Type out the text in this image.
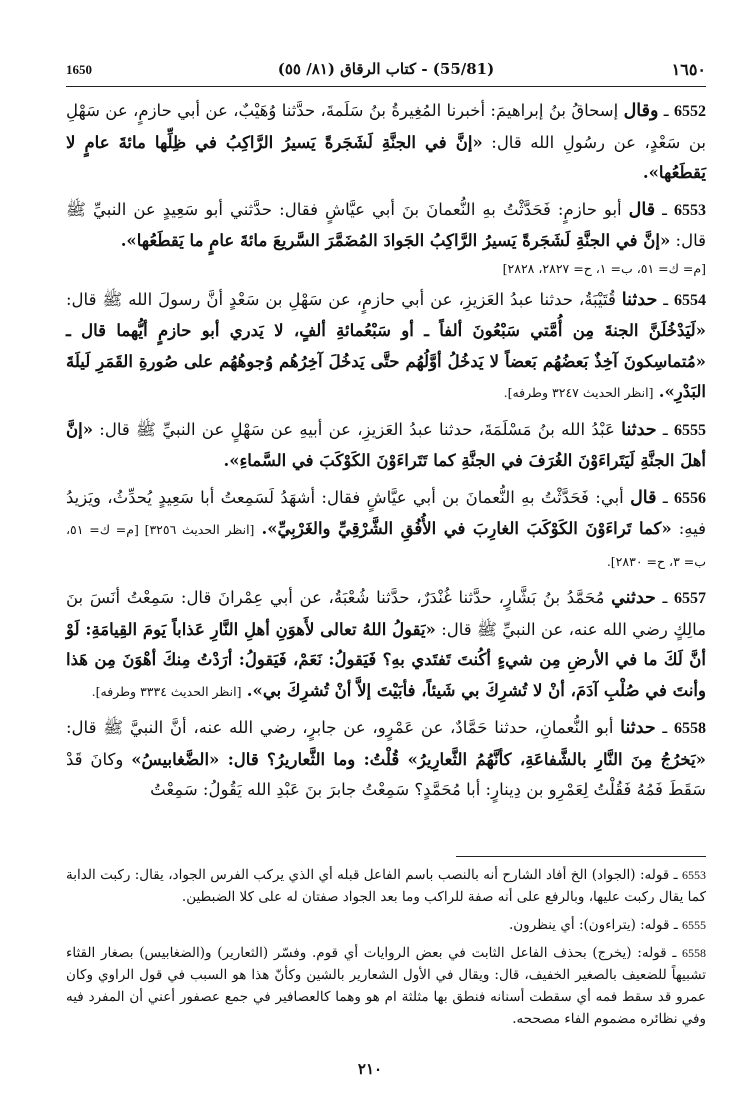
1650	(55/81) - كتاب الرقاق (٨١/ ٥٥)	١٦٥٠

6552 ـ وقال إسحاقُ بنُ إبراهيمَ: أخبرنا المُغِيرةُ بنُ سَلَمةَ، حدَّثنا وُهَيْبٌ، عن أبي حازمٍ، عن سَهْلِ بن سَعْدٍ، عن رسُولِ الله قال: «إنَّ في الجنَّةِ لَشَجَرةً يَسيرُ الرَّاكِبُ في ظِلِّها مائةَ عامٍ لا يَقطَعُها».

6553 ـ قال أبو حازمٍ: فَحَدَّثْتُ بهِ النُّعمانَ بنَ أبي عيَّاشٍ فقال: حدَّثني أبو سَعِيدٍ عن النبيِّ ﷺ قال: «إنَّ في الجنَّةِ لَشَجَرةً يَسيرُ الرَّاكِبُ الجَوادَ المُضَمَّرَ السَّريعَ مائةَ عامٍ ما يَقطَعُها».

[م= ك= ٥١، ب= ١، ح= ٢٨٢٧، ٢٨٢٨]

6554 ـ حدثنا قُتَيْبَةُ، حدثنا عبدُ العَزيزِ، عن أبي حازمٍ، عن سَهْلِ بن سَعْدٍ أنَّ رسولَ الله ﷺ قال: «لَيَدْخُلَنَّ الجنةَ مِن أُمَّتي سَبْعُونَ ألفاً ـ أو سَبْعُمائةِ ألفٍ، لا يَدري أبو حازمٍ أيُّهما قال ـ «مُتماسِكونَ آخِذٌ بَعضُهُم بَعضاً لا يَدخُلُ أوَّلُهُم حتَّى يَدخُلَ آخِرُهُم وُجوهُهُم على صُورةِ القَمَرِ لَيلَةَ البَدْرِ». [انظر الحديث ٣٢٤٧ وطرفه].

6555 ـ حدثنا عَبْدُ الله بنُ مَسْلَمَةَ، حدثنا عبدُ العَزيزِ، عن أبيهِ عن سَهْلٍ عن النبيِّ ﷺ قال: «إنَّ أهلَ الجنَّةِ لَيَتَراءَوْنَ الغُرَفَ في الجنَّةِ كما تَتَراءَوْنَ الكَوْكَبَ في السَّماءِ».

6556 ـ قال أبي: فَحَدَّثْتُ بهِ النُّعمانَ بن أبي عيَّاشٍ فقال: أشهَدُ لَسَمِعتُ أبا سَعِيدٍ يُحدِّثُ، ويَزيدُ فيهِ: «كما تَراءَوْنَ الكَوْكَبَ الغارِبَ في الأُفُقِ الشَّرْقِيِّ والغَرْبِيِّ». [انظر الحديث ٣٢٥٦] [م= ك= ٥١، ب= ٣، ح= ٢٨٣٠].

6557 ـ حدثني مُحَمَّدُ بنُ بَشَّارٍ، حدَّثنا غُنْدَرٌ، حدَّثنا شُعْبَةُ، عن أبي عِمْرانَ قال: سَمِعْتُ أنَسَ بنَ مالِكٍ رضي الله عنه، عن النبيِّ ﷺ قال: «يَقولُ اللهُ تعالى لأَهوَنِ أهلِ النَّارِ عَذاباً يَومَ القِيامَةِ: لَوْ أنَّ لَكَ ما في الأرضِ مِن شيءٍ أكُنتَ تَفتَدي بهِ؟ فَيَقولُ: نَعَمْ، فَيَقولُ: أرَدْتُ مِنكَ أهْوَنَ مِن هَذا وأنتَ في صُلْبِ آدَمَ، أنْ لا تُشرِكَ بي شَيئاً، فأبَيْتَ إلاَّ أنْ تُشرِكَ بي». [انظر الحديث ٣٣٣٤ وطرفه].

6558 ـ حدثنا أبو النُّعمانِ، حدثنا حَمَّادٌ، عن عَمْرٍو، عن جابرٍ، رضي الله عنه، أنَّ النبيَّ ﷺ قال: «يَخرُجُ مِنَ النَّارِ بالشَّفاعَةِ، كأنَّهُمُ الثَّعارِيرُ» قُلْتُ: وما الثَّعاريرُ؟ قال: «الضَّغابيسُ» وكانَ قَدْ سَقَطَ فَمُهُ فَقُلْتُ لِعَمْرِو بن دِينارٍ: أبا مُحَمَّدٍ؟ سَمِعْتُ جابرَ بنَ عَبْدِ الله يَقُولُ: سَمِعْتُ

6553 ـ قوله: (الجواد) الخ أفاد الشارح أنه بالنصب باسم الفاعل قبله أي الذي يركب الفرس الجواد، يقال: ركبت الدابة كما يقال ركبت عليها، وبالرفع على أنه صفة للراكب وما بعد الجواد صفتان له على كلا الضبطين.

6555 ـ قوله: (يتراءون): أي ينظرون.

6558 ـ قوله: (يخرج) بحذف الفاعل الثابت في بعض الروايات أي قوم. وفسّر (الثعارير) و(الضغابيس) بصغار القثاء تشبيهاً للضعيف بالصغير الخفيف، قال: ويقال في الأول الشعارير بالشين وكأنّ هذا هو السبب في قول الراوي وكان عمرو قد سقط فمه أي سقطت أسنانه فنطق بها مثلثة ام هو وهما كالعصافير في جمع عصفور أعني أن المفرد فيه وفي نظائره مضموم الفاء مصححه.

٢١٠
